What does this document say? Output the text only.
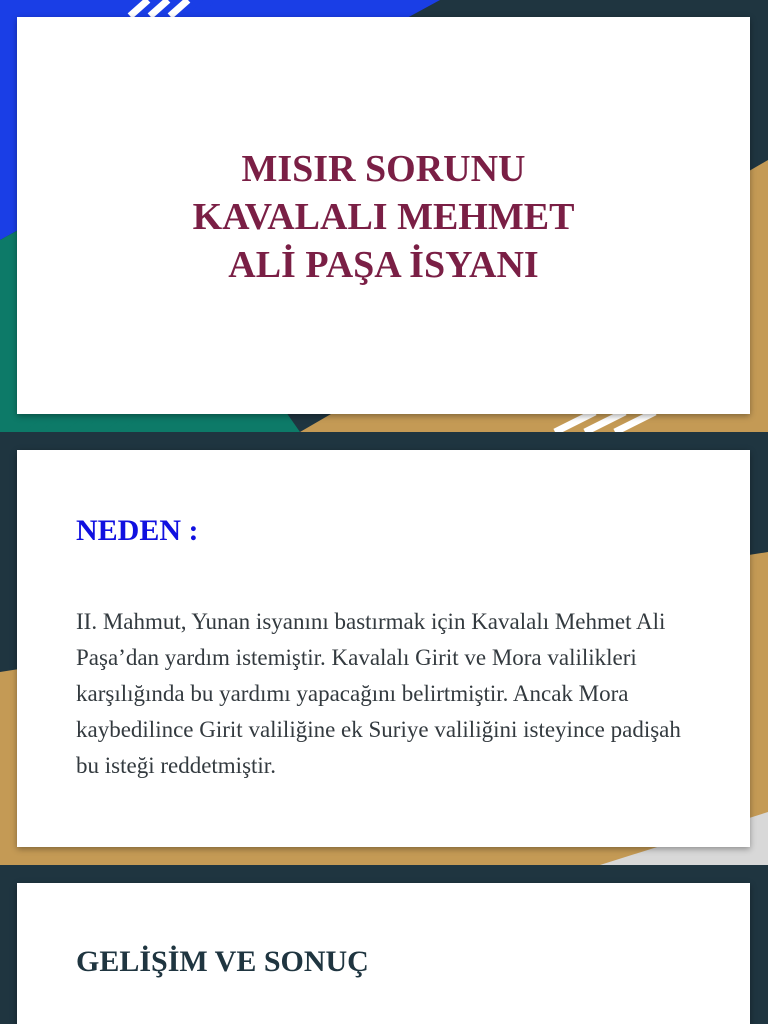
MISIR SORUNU
KAVALALI MEHMET
ALİ PAŞA İSYANI
NEDEN :

II. Mahmut, Yunan isyanını bastırmak için Kavalalı Mehmet Ali Paşa’dan yardım istemiştir. Kavalalı Girit ve Mora valilikleri karşılığında bu yardımı yapacağını belirtmiştir. Ancak Mora kaybedilince Girit valiliğine ek Suriye valiliğini isteyince padişah bu isteği reddetmiştir.

GELİŞİM VE SONUÇ
